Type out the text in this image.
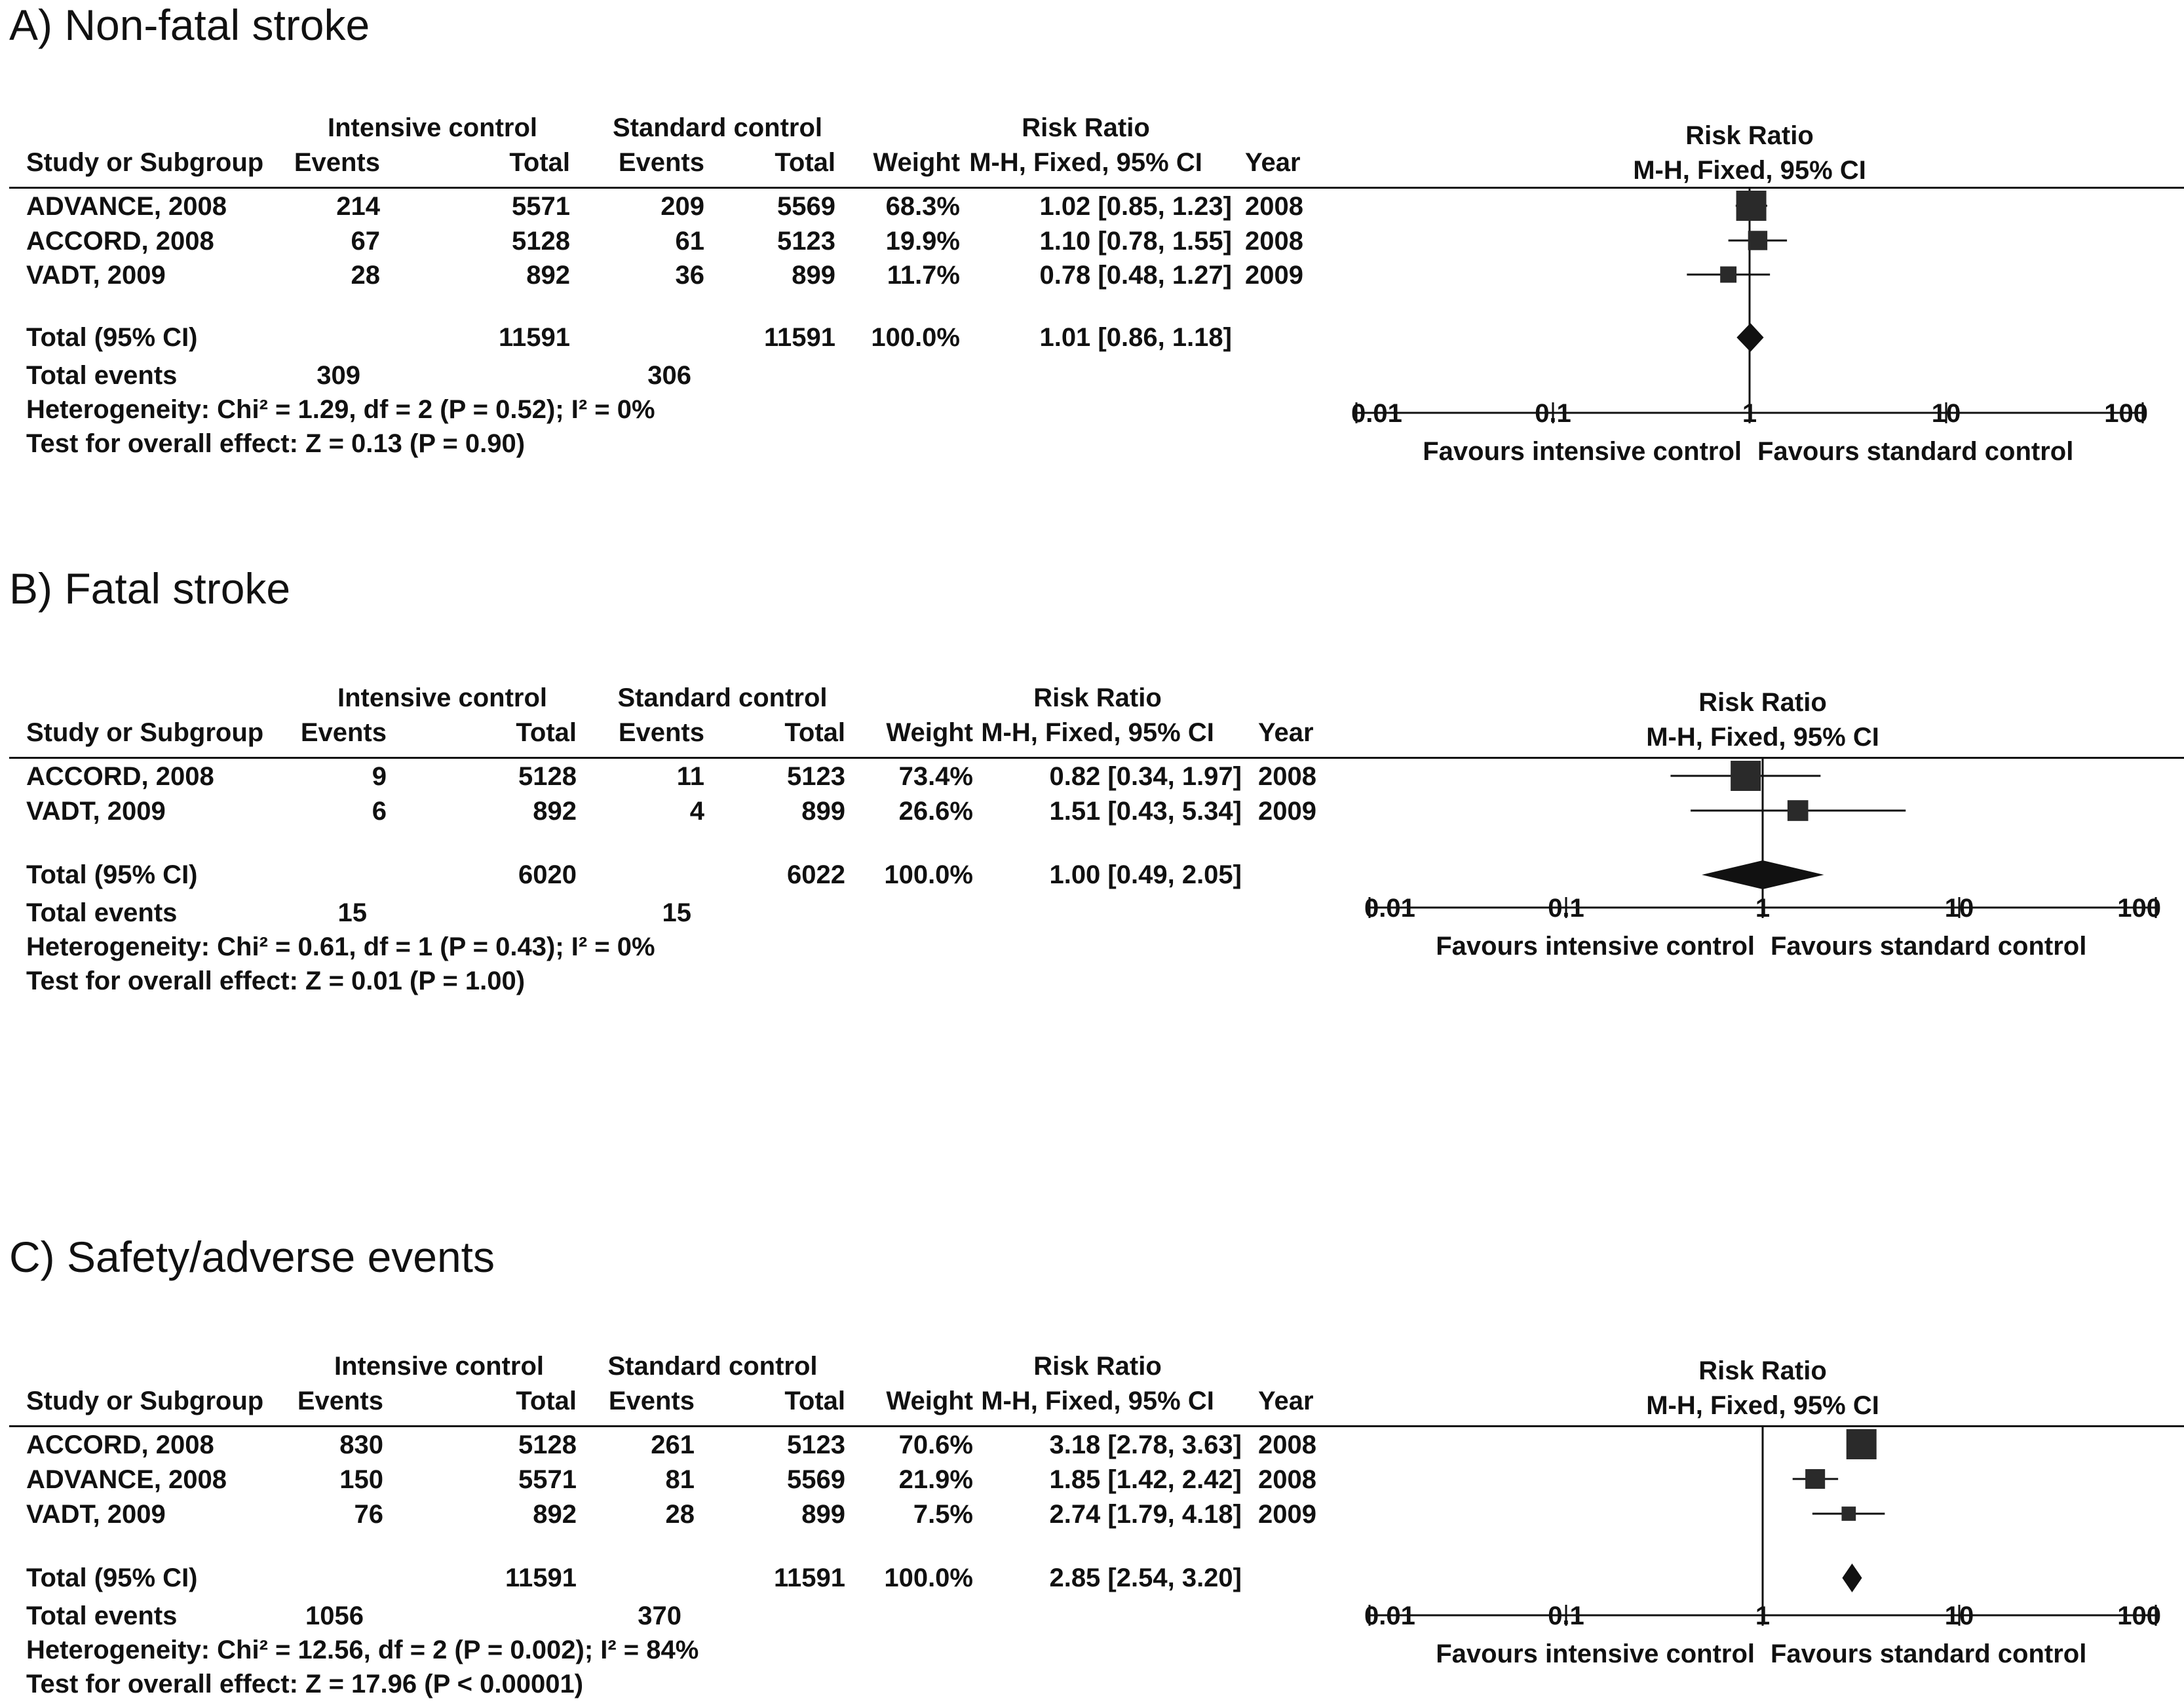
A) Non-fatal stroke
Intensive control	Standard control	Risk Ratio
Study or Subgroup	Events	Total	Events	Total	Weight M-H, Fixed, 95% CI	Year
ADVANCE, 2008	214	5571	209	5569	68.3%	1.02 [0.85, 1.23] 2008
ACCORD, 2008	67	5128	61	5123	19.9%	1.10 [0.78, 1.55] 2008
VADT, 2009	28	892	36	899	11.7%	0.78 [0.48, 1.27] 2009
Total (95% CI)	11591	11591	100.0%	1.01 [0.86, 1.18]
Total events	309	306
Heterogeneity: Chi² = 1.29, df = 2 (P = 0.52); I² = 0%
Test for overall effect: Z = 0.13 (P = 0.90)
Risk Ratio
M-H, Fixed, 95% CI
0.01	0.1	1	10	100
Favours intensive control Favours standard control
B) Fatal stroke
Intensive control	Standard control	Risk Ratio
Study or Subgroup	Events	Total	Events	Total	Weight M-H, Fixed, 95% CI	Year
ACCORD, 2008	9	5128	11	5123	73.4%	0.82 [0.34, 1.97] 2008
VADT, 2009	6	892	4	899	26.6%	1.51 [0.43, 5.34] 2009
Total (95% CI)	6020	6022	100.0%	1.00 [0.49, 2.05]
Total events	15	15
Heterogeneity: Chi² = 0.61, df = 1 (P = 0.43); I² = 0%
Test for overall effect: Z = 0.01 (P = 1.00)
Risk Ratio
M-H, Fixed, 95% CI
0.01	0.1	1	10	100
Favours intensive control Favours standard control
C) Safety/adverse events
Intensive control	Standard control	Risk Ratio
Study or Subgroup	Events	Total	Events	Total	Weight M-H, Fixed, 95% CI	Year
ACCORD, 2008	830	5128	261	5123	70.6%	3.18 [2.78, 3.63] 2008
ADVANCE, 2008	150	5571	81	5569	21.9%	1.85 [1.42, 2.42] 2008
VADT, 2009	76	892	28	899	7.5%	2.74 [1.79, 4.18] 2009
Total (95% CI)	11591	11591	100.0%	2.85 [2.54, 3.20]
Total events	1056	370
Heterogeneity: Chi² = 12.56, df = 2 (P = 0.002); I² = 84%
Test for overall effect: Z = 17.96 (P < 0.00001)
Risk Ratio
M-H, Fixed, 95% CI
0.01	0.1	1	10	100
Favours intensive control Favours standard control
